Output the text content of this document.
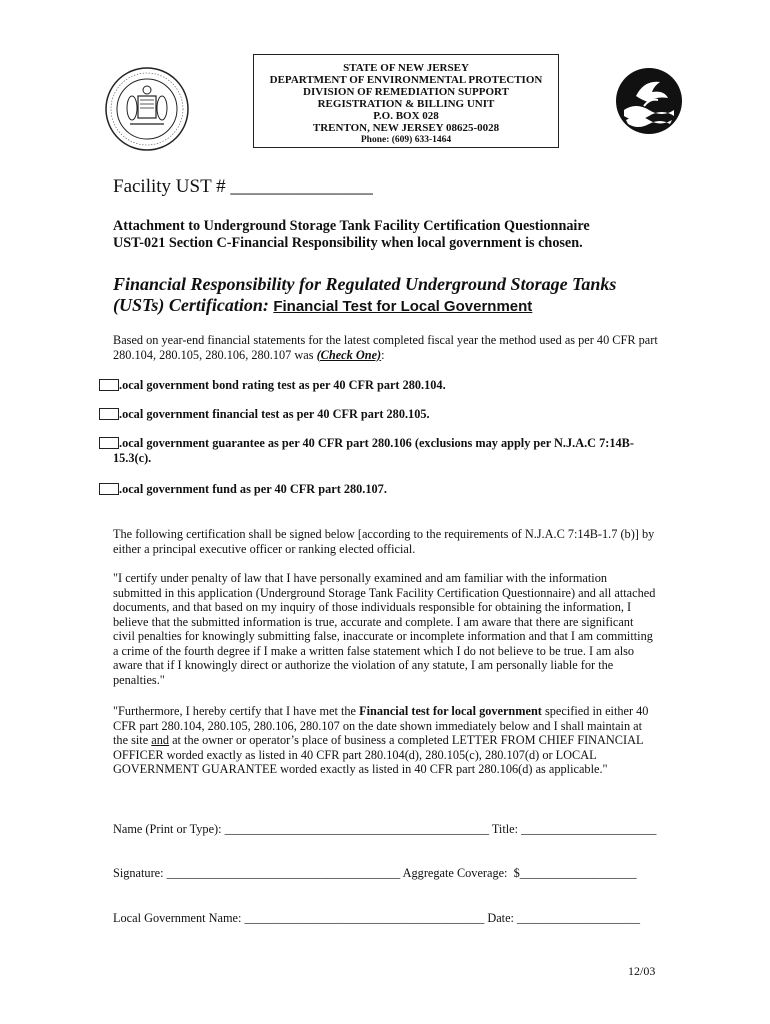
STATE OF NEW JERSEY
DEPARTMENT OF ENVIRONMENTAL PROTECTION
DIVISION OF REMEDIATION SUPPORT
REGISTRATION & BILLING UNIT
P.O. BOX 028
TRENTON, NEW JERSEY 08625-0028
Phone: (609) 633-1464
Facility UST # _______________
Attachment to Underground Storage Tank Facility Certification Questionnaire
UST-021 Section C-Financial Responsibility when local government is chosen.
Financial Responsibility for Regulated Underground Storage Tanks
(USTs) Certification: Financial Test for Local Government
Based on year-end financial statements for the latest completed fiscal year the method used as per 40 CFR part 280.104, 280.105, 280.106, 280.107 was (Check One):
.ocal government bond rating test as per 40 CFR part 280.104.
.ocal government financial test as per 40 CFR part 280.105.
.ocal government guarantee as per 40 CFR part 280.106 (exclusions may apply per N.J.A.C 7:14B-
15.3(c).
.ocal government fund as per 40 CFR part 280.107.
The following certification shall be signed below [according to the requirements of N.J.A.C 7:14B-1.7 (b)] by either a principal executive officer or ranking elected official.
"I certify under penalty of law that I have personally examined and am familiar with the information submitted in this application (Underground Storage Tank Facility Certification Questionnaire) and all attached documents, and that based on my inquiry of those individuals responsible for obtaining the information, I believe that the submitted information is true, accurate and complete. I am aware that there are significant civil penalties for knowingly submitting false, inaccurate or incomplete information and that I am committing a crime of the fourth degree if I make a written false statement which I do not believe to be true. I am also aware that if I knowingly direct or authorize the violation of any statute, I am personally liable for the penalties."
"Furthermore, I hereby certify that I have met the Financial test for local government specified in either 40 CFR part 280.104, 280.105, 280.106, 280.107 on the date shown immediately below and I shall maintain at the site and at the owner or operator’s place of business a completed LETTER FROM CHIEF FINANCIAL OFFICER worded exactly as listed in 40 CFR part 280.104(d), 280.105(c), 280.107(d) or LOCAL GOVERNMENT GUARANTEE worded exactly as listed in 40 CFR part 280.106(d) as applicable."
Name (Print or Type): ___________________________________________ Title: ______________________
Signature: ______________________________________ Aggregate Coverage:  $___________________
Local Government Name: _______________________________________ Date: ____________________
12/03
